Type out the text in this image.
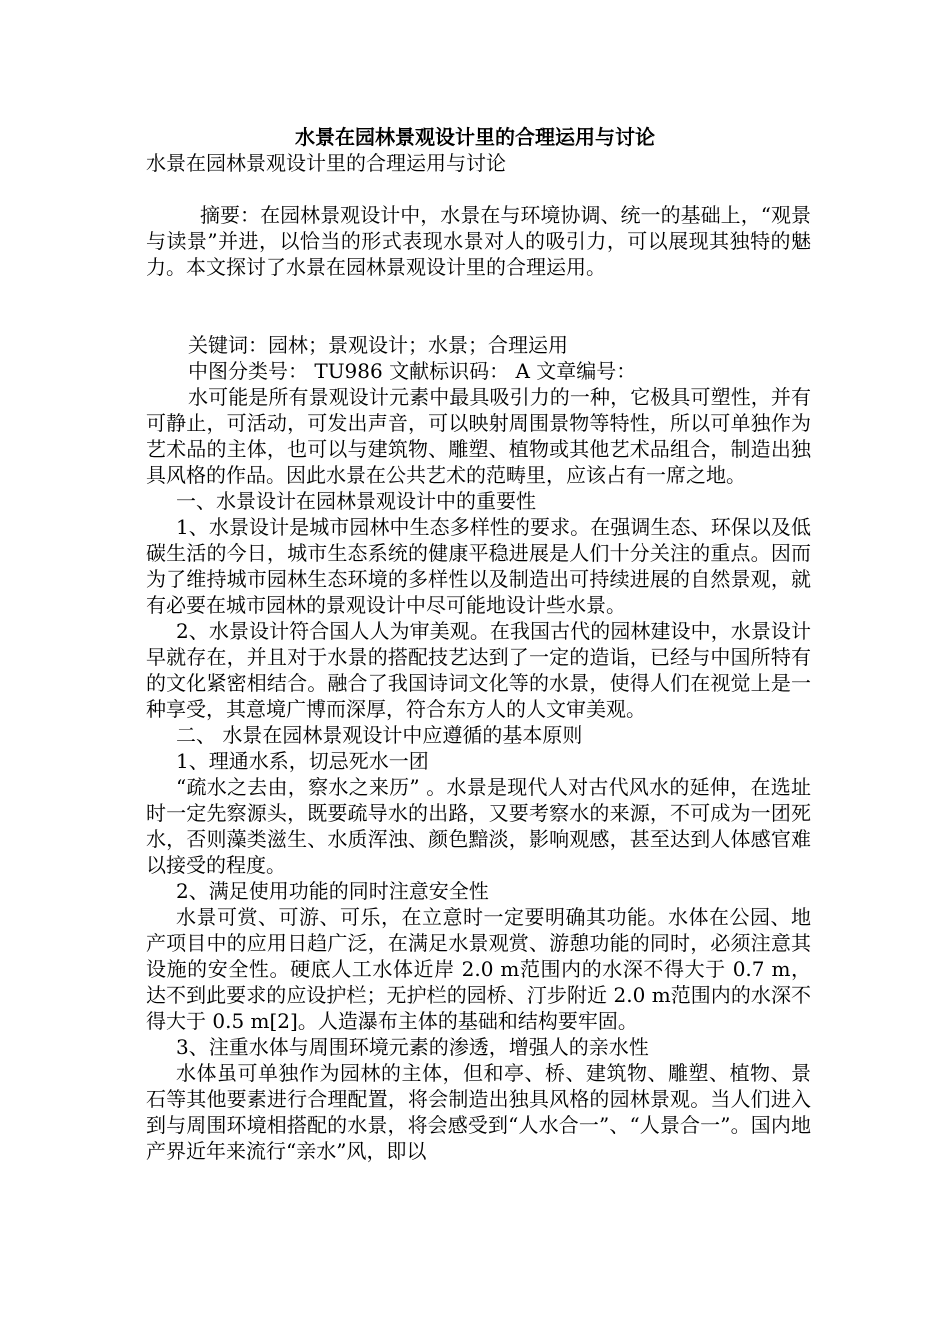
水景在园林景观设计里的合理运用与讨论

水景在园林景观设计里的合理运用与讨论

摘要：在园林景观设计中，水景在与环境协调、统一的基础上，“观景与读景”并进，以恰当的形式表现水景对人的吸引力，可以展现其独特的魅力。本文探讨了水景在园林景观设计里的合理运用。

关键词：园林；景观设计；水景；合理运用

中图分类号： TU986 文献标识码： A 文章编号：

水可能是所有景观设计元素中最具吸引力的一种，它极具可塑性，并有可静止，可活动，可发出声音，可以映射周围景物等特性，所以可单独作为艺术品的主体，也可以与建筑物、雕塑、植物或其他艺术品组合，制造出独具风格的作品。因此水景在公共艺术的范畴里，应该占有一席之地。

一、水景设计在园林景观设计中的重要性

1、水景设计是城市园林中生态多样性的要求。在强调生态、环保以及低碳生活的今日，城市生态系统的健康平稳进展是人们十分关注的重点。因而为了维持城市园林生态环境的多样性以及制造出可持续进展的自然景观，就有必要在城市园林的景观设计中尽可能地设计些水景。

2、水景设计符合国人人为审美观。在我国古代的园林建设中，水景设计早就存在，并且对于水景的搭配技艺达到了一定的造诣，已经与中国所特有的文化紧密相结合。融合了我国诗词文化等的水景，使得人们在视觉上是一种享受，其意境广博而深厚，符合东方人的人文审美观。

二、 水景在园林景观设计中应遵循的基本原则

1、理通水系，切忌死水一团

“疏水之去由，察水之来历” 。水景是现代人对古代风水的延伸，在选址时一定先察源头，既要疏导水的出路，又要考察水的来源，不可成为一团死水，否则藻类滋生、水质浑浊、颜色黯淡，影响观感，甚至达到人体感官难以接受的程度。

2、满足使用功能的同时注意安全性

水景可赏、可游、可乐，在立意时一定要明确其功能。水体在公园、地产项目中的应用日趋广泛，在满足水景观赏、游憩功能的同时，必须注意其设施的安全性。硬底人工水体近岸 2.0 m范围内的水深不得大于 0.7 m，达不到此要求的应设护栏；无护栏的园桥、汀步附近 2.0 m范围内的水深不得大于 0.5 m[2]。人造瀑布主体的基础和结构要牢固。

3、注重水体与周围环境元素的渗透，增强人的亲水性

水体虽可单独作为园林的主体，但和亭、桥、建筑物、雕塑、植物、景石等其他要素进行合理配置，将会制造出独具风格的园林景观。当人们进入到与周围环境相搭配的水景，将会感受到“人水合一”、“人景合一”。国内地产界近年来流行“亲水”风，即以
